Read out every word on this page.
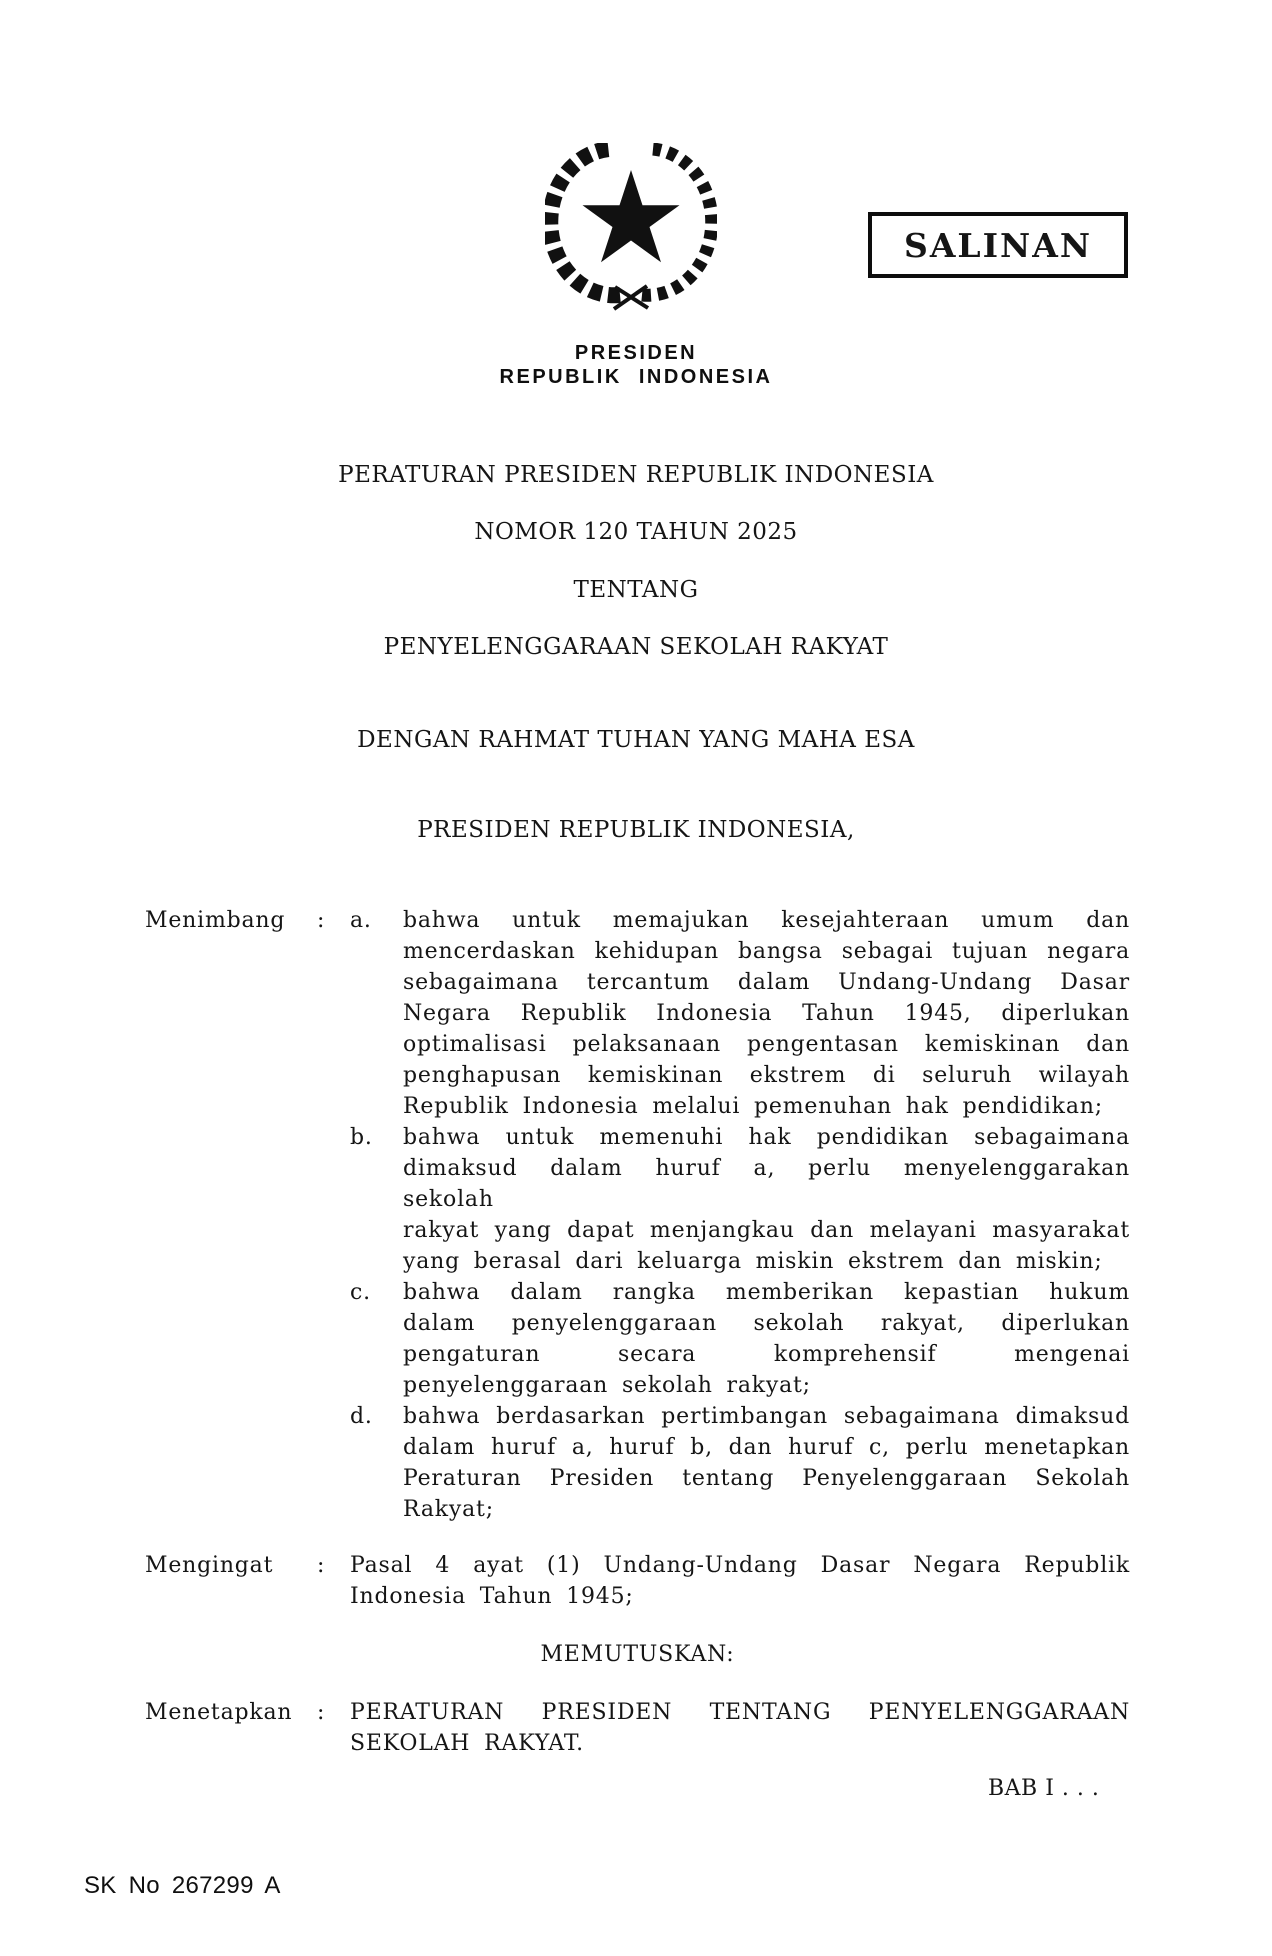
SALINAN
PRESIDEN
REPUBLIK INDONESIA
PERATURAN PRESIDEN REPUBLIK INDONESIA
NOMOR 120 TAHUN 2025
TENTANG
PENYELENGGARAAN SEKOLAH RAKYAT
DENGAN RAHMAT TUHAN YANG MAHA ESA
PRESIDEN REPUBLIK INDONESIA,
Menimbang	:	a.	bahwa untuk memajukan kesejahteraan umum dan
mencerdaskan kehidupan bangsa sebagai tujuan negara
sebagaimana tercantum dalam Undang-Undang Dasar
Negara Republik Indonesia Tahun 1945, diperlukan
optimalisasi pelaksanaan pengentasan kemiskinan dan
penghapusan kemiskinan ekstrem di seluruh wilayah
Republik Indonesia melalui pemenuhan hak pendidikan;
b.	bahwa untuk memenuhi hak pendidikan sebagaimana
dimaksud dalam huruf a, perlu menyelenggarakan sekolah
rakyat yang dapat menjangkau dan melayani masyarakat
yang berasal dari keluarga miskin ekstrem dan miskin;
c.	bahwa dalam rangka memberikan kepastian hukum
dalam penyelenggaraan sekolah rakyat, diperlukan
pengaturan secara komprehensif mengenai
penyelenggaraan sekolah rakyat;
d.	bahwa berdasarkan pertimbangan sebagaimana dimaksud
dalam huruf a, huruf b, dan huruf c, perlu menetapkan
Peraturan Presiden tentang Penyelenggaraan Sekolah
Rakyat;
Mengingat	:	Pasal 4 ayat (1) Undang-Undang Dasar Negara Republik
Indonesia Tahun 1945;
MEMUTUSKAN:
Menetapkan	:	PERATURAN PRESIDEN TENTANG PENYELENGGARAAN
SEKOLAH RAKYAT.
BAB I . . .
SK No 267299 A
